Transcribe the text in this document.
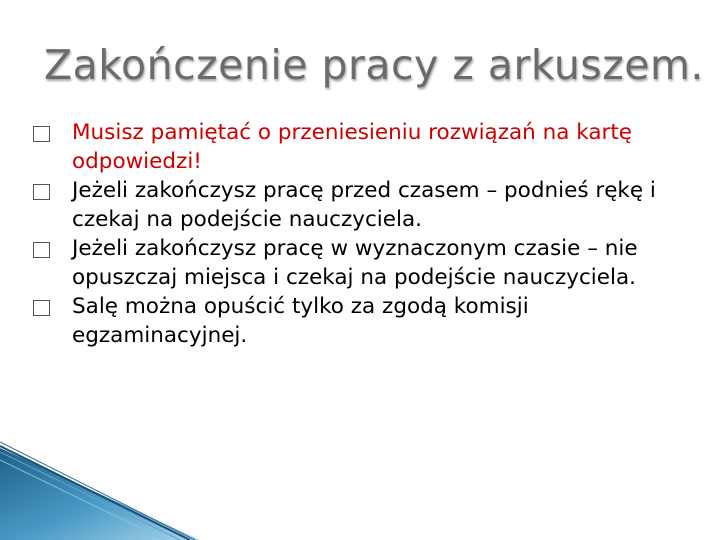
Zakończenie pracy z arkuszem.
Musisz pamiętać o przeniesieniu rozwiązań na kartę odpowiedzi!
Jeżeli zakończysz pracę przed czasem – podnieś rękę i czekaj na podejście nauczyciela.
Jeżeli zakończysz pracę w wyznaczonym czasie – nie opuszczaj miejsca i czekaj na podejście nauczyciela.
Salę można opuścić tylko za zgodą komisji egzaminacyjnej.
